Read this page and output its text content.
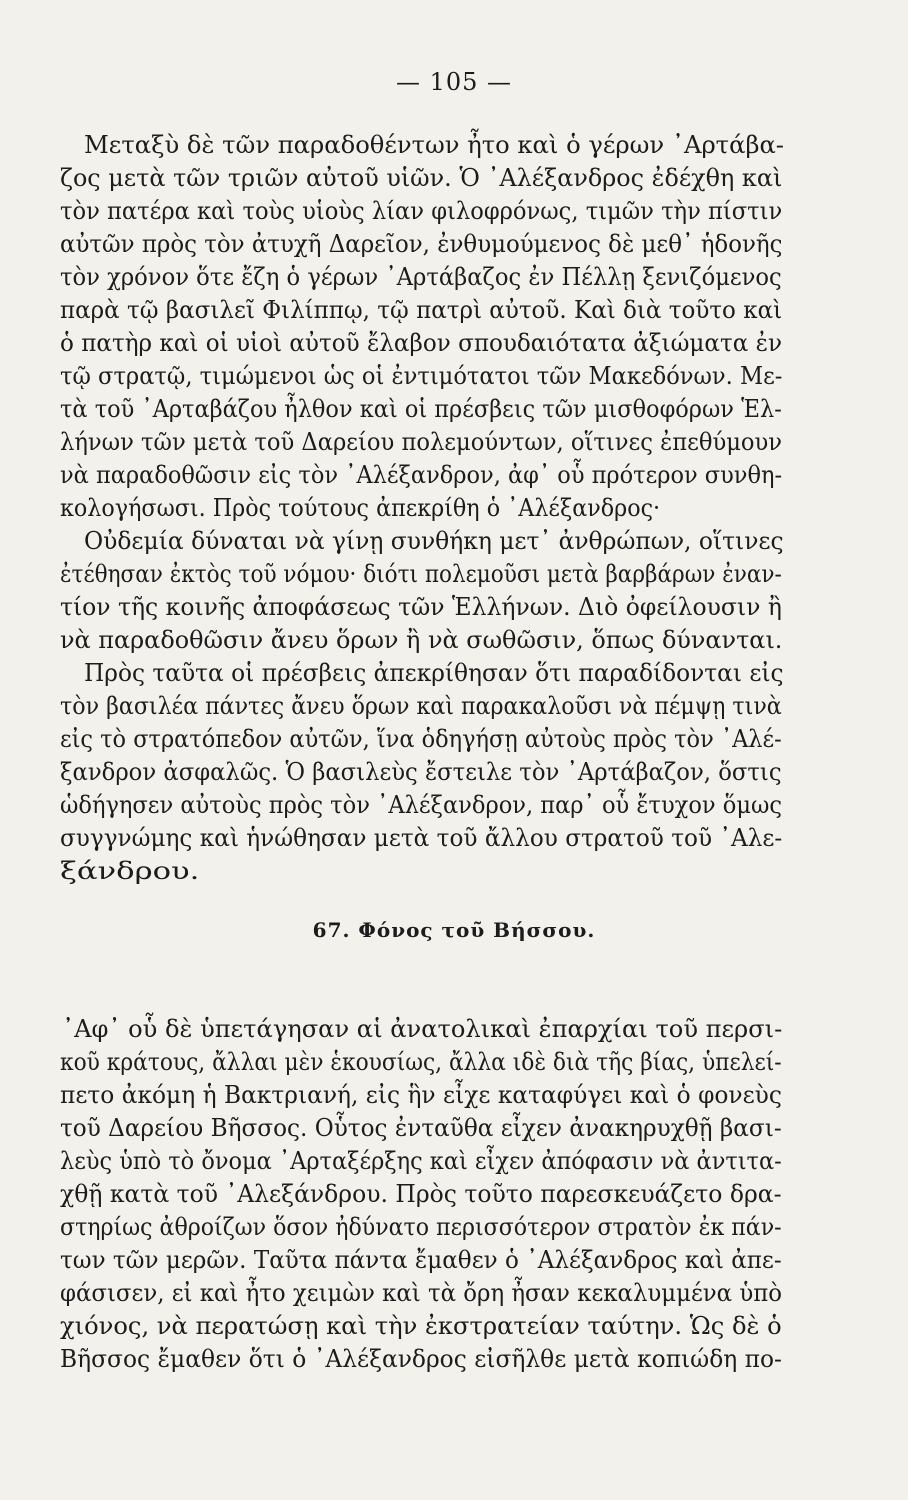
— 105 —
Μεταξὺ δὲ τῶν παραδοθέντων ἦτο καὶ ὁ γέρων ᾿Αρτάβα-
ζος μετὰ τῶν τριῶν αὐτοῦ υἱῶν. Ὁ ᾿Αλέξανδρος ἐδέχθη καὶ
τὸν πατέρα καὶ τοὺς υἱοὺς λίαν φιλοφρόνως, τιμῶν τὴν πίστιν
αὐτῶν πρὸς τὸν ἀτυχῆ Δαρεῖον, ἐνθυμούμενος δὲ μεθ᾿ ἡδονῆς
τὸν χρόνον ὅτε ἔζη ὁ γέρων ᾿Αρτάβαζος ἐν Πέλλῃ ξενιζόμενος
παρὰ τῷ βασιλεῖ Φιλίππῳ, τῷ πατρὶ αὐτοῦ. Καὶ διὰ τοῦτο καὶ
ὁ πατὴρ καὶ οἱ υἱοὶ αὐτοῦ ἔλαβον σπουδαιότατα ἀξιώματα ἐν
τῷ στρατῷ, τιμώμενοι ὡς οἱ ἐντιμότατοι τῶν Μακεδόνων. Με-
τὰ τοῦ ᾿Αρταβάζου ἦλθον καὶ οἱ πρέσβεις τῶν μισθοφόρων Ἑλ-
λήνων τῶν μετὰ τοῦ Δαρείου πολεμούντων, οἵτινες ἐπεθύμουν
νὰ παραδοθῶσιν εἰς τὸν ᾿Αλέξανδρον, ἀφ᾿ οὗ πρότερον συνθη-
κολογήσωσι. Πρὸς τούτους ἀπεκρίθη ὁ ᾿Αλέξανδρος·
Οὐδεμία δύναται νὰ γίνῃ συνθήκη μετ᾿ ἀνθρώπων, οἵτινες
ἐτέθησαν ἐκτὸς τοῦ νόμου· διότι πολεμοῦσι μετὰ βαρβάρων ἐναν-
τίον τῆς κοινῆς ἀποφάσεως τῶν Ἑλλήνων. Διὸ ὀφείλουσιν ἢ
νὰ παραδοθῶσιν ἄνευ ὅρων ἢ νὰ σωθῶσιν, ὅπως δύνανται.
Πρὸς ταῦτα οἱ πρέσβεις ἀπεκρίθησαν ὅτι παραδίδονται εἰς
τὸν βασιλέα πάντες ἄνευ ὅρων καὶ παρακαλοῦσι νὰ πέμψῃ τινὰ
εἰς τὸ στρατόπεδον αὐτῶν, ἵνα ὁδηγήσῃ αὐτοὺς πρὸς τὸν ᾿Αλέ-
ξανδρον ἀσφαλῶς. Ὁ βασιλεὺς ἔστειλε τὸν ᾿Αρτάβαζον, ὅστις
ὡδήγησεν αὐτοὺς πρὸς τὸν ᾿Αλέξανδρον, παρ᾿ οὗ ἔτυχον ὅμως
συγγνώμης καὶ ἡνώθησαν μετὰ τοῦ ἄλλου στρατοῦ τοῦ ᾿Αλε-
ξάνδρου.
67. Φόνος τοῦ Βήσσου.
᾿Αφ᾿ οὗ δὲ ὑπετάγησαν αἱ ἀνατολικαὶ ἐπαρχίαι τοῦ περσι-
κοῦ κράτους, ἄλλαι μὲν ἑκουσίως, ἄλλα ιδὲ διὰ τῆς βίας, ὑπελεί-
πετο ἀκόμη ἡ Βακτριανή, εἰς ἣν εἶχε καταφύγει καὶ ὁ φονεὺς
τοῦ Δαρείου Βῆσσος. Οὗτος ἐνταῦθα εἶχεν ἀνακηρυχθῇ βασι-
λεὺς ὑπὸ τὸ ὄνομα ᾿Αρταξέρξης καὶ εἶχεν ἀπόφασιν νὰ ἀντιτα-
χθῇ κατὰ τοῦ ᾿Αλεξάνδρου. Πρὸς τοῦτο παρεσκευάζετο δρα-
στηρίως ἀθροίζων ὅσον ἠδύνατο περισσότερον στρατὸν ἐκ πάν-
των τῶν μερῶν. Ταῦτα πάντα ἔμαθεν ὁ ᾿Αλέξανδρος καὶ ἀπε-
φάσισεν, εἰ καὶ ἦτο χειμὼν καὶ τὰ ὄρη ἦσαν κεκαλυμμένα ὑπὸ
χιόνος, νὰ περατώσῃ καὶ τὴν ἐκστρατείαν ταύτην. Ὡς δὲ ὁ
Βῆσσος ἔμαθεν ὅτι ὁ ᾿Αλέξανδρος εἰσῆλθε μετὰ κοπιώδη πο-
